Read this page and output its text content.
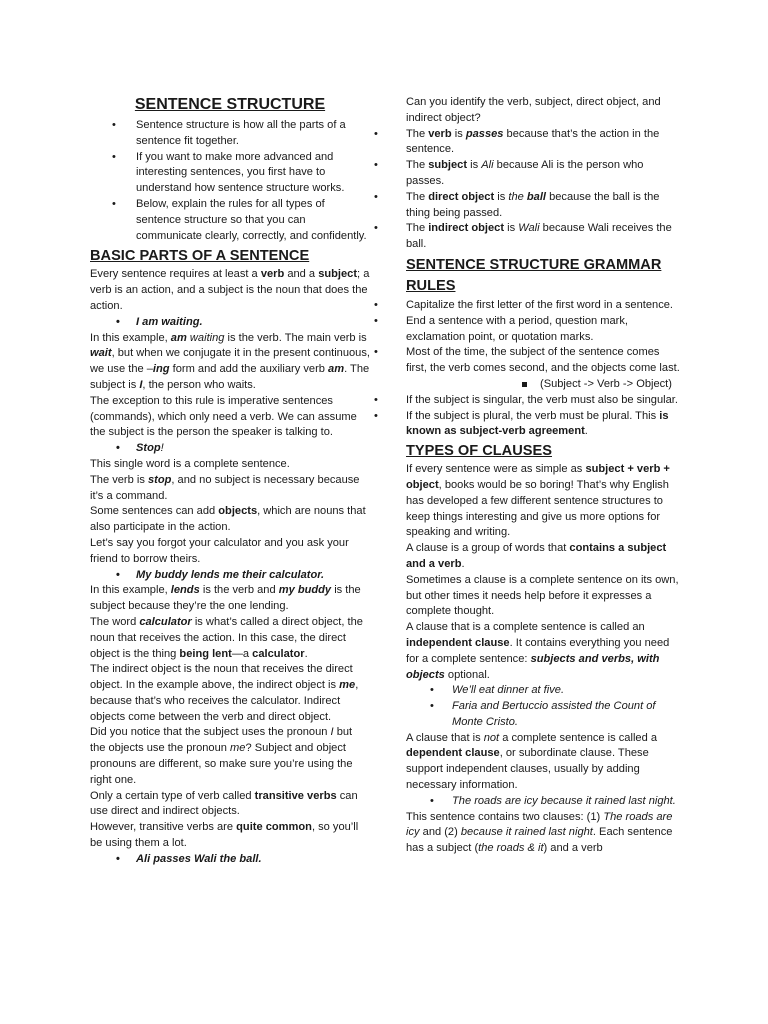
SENTENCE STRUCTURE
• Sentence structure is how all the parts of a sentence fit together.
• If you want to make more advanced and interesting sentences, you first have to understand how sentence structure works.
• Below, explain the rules for all types of sentence structure so that you can communicate clearly, correctly, and confidently.
BASIC PARTS OF A SENTENCE

Every sentence requires at least a verb and a subject; a verb is an action, and a subject is the noun that does the action.

• I am waiting.

In this example, am waiting is the verb. The main verb is wait, but when we conjugate it in the present continuous, we use the –ing form and add the auxiliary verb am. The subject is I, the person who waits.

The exception to this rule is imperative sentences (commands), which only need a verb. We can assume the subject is the person the speaker is talking to.

• Stop!

This single word is a complete sentence.

The verb is stop, and no subject is necessary because it’s a command.

Some sentences can add objects, which are nouns that also participate in the action.

Let’s say you forgot your calculator and you ask your friend to borrow theirs.

• My buddy lends me their calculator.

In this example, lends is the verb and my buddy is the subject because they’re the one lending.

The word calculator is what’s called a direct object, the noun that receives the action. In this case, the direct object is the thing being lent—a calculator.

The indirect object is the noun that receives the direct object. In the example above, the indirect object is me, because that’s who receives the calculator. Indirect objects come between the verb and direct object.

Did you notice that the subject uses the pronoun I but the objects use the pronoun me? Subject and object pronouns are different, so make sure you’re using the right one.

Only a certain type of verb called transitive verbs can use direct and indirect objects.

However, transitive verbs are quite common, so you’ll be using them a lot.

• Ali passes Wali the ball.

Can you identify the verb, subject, direct object, and indirect object?

• The verb is passes because that’s the action in the sentence.
• The subject is Ali because Ali is the person who passes.
• The direct object is the ball because the ball is the thing being passed.
• The indirect object is Wali because Wali receives the ball.
SENTENCE STRUCTURE GRAMMAR
RULES
• Capitalize the first letter of the first word in a sentence.
• End a sentence with a period, question mark, exclamation point, or quotation marks.
• Most of the time, the subject of the sentence comes first, the verb comes second, and the objects come last.
(Subject -> Verb -> Object)
• If the subject is singular, the verb must also be singular.
• If the subject is plural, the verb must be plural. This is known as subject-verb agreement.
TYPES OF CLAUSES

If every sentence were as simple as subject + verb + object, books would be so boring! That’s why English has developed a few different sentence structures to keep things interesting and give us more options for speaking and writing.

A clause is a group of words that contains a subject and a verb.

Sometimes a clause is a complete sentence on its own, but other times it needs help before it expresses a complete thought.

A clause that is a complete sentence is called an independent clause. It contains everything you need for a complete sentence: subjects and verbs, with objects optional.

• We’ll eat dinner at five.
• Faria and Bertuccio assisted the Count of Monte Cristo.

A clause that is not a complete sentence is called a dependent clause, or subordinate clause. These support independent clauses, usually by adding necessary information.

• The roads are icy because it rained last night.

This sentence contains two clauses: (1) The roads are icy and (2) because it rained last night. Each sentence has a subject (the roads & it) and a verb
